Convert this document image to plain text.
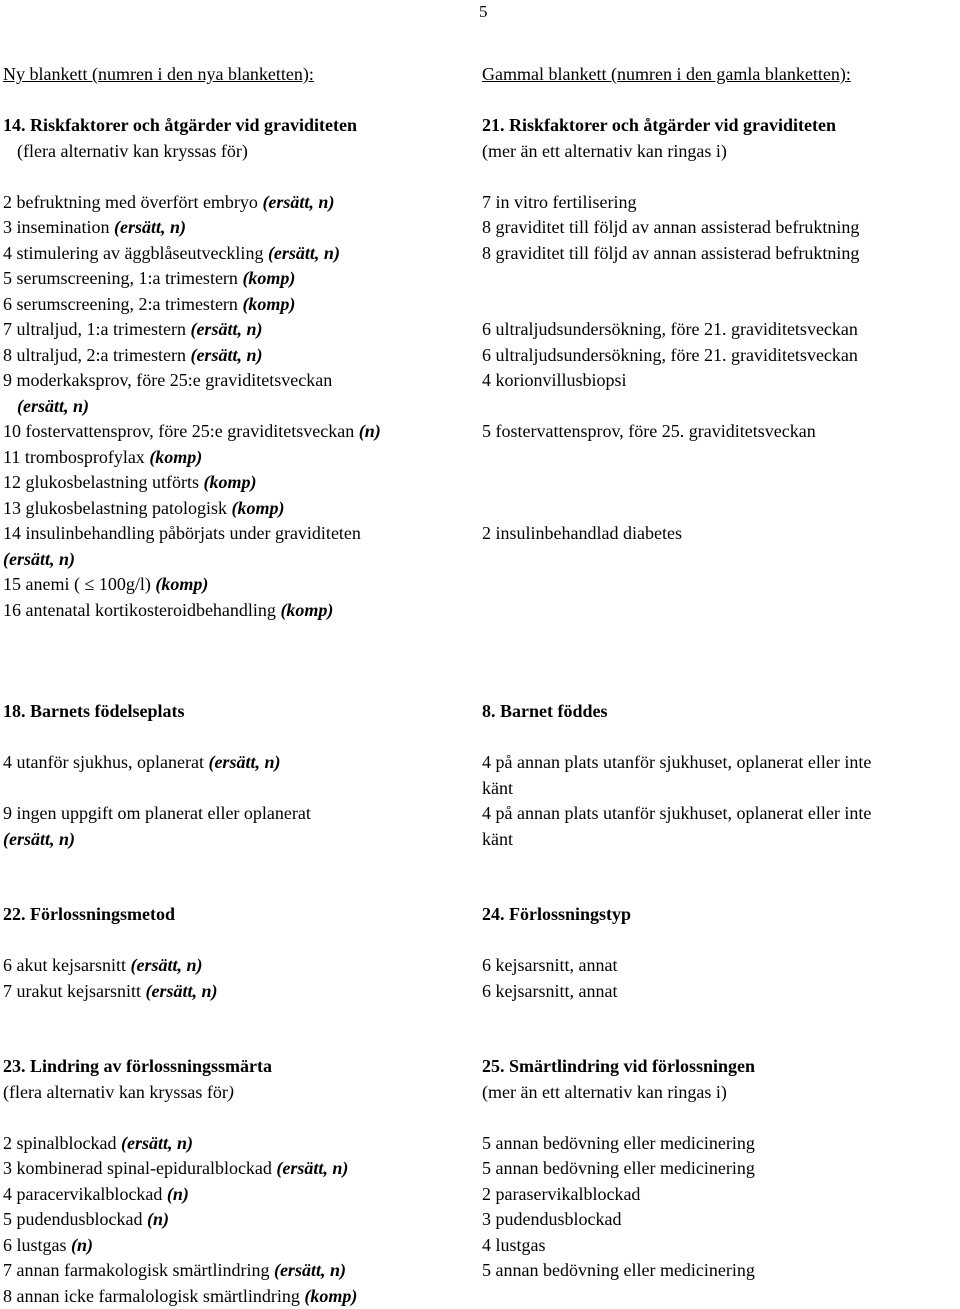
5
Ny blankett (numren i den nya blanketten):	Gammal blankett (numren i den gamla blanketten):
14. Riskfaktorer och åtgärder vid graviditeten	21. Riskfaktorer och åtgärder vid graviditeten
(flera alternativ kan kryssas för)	(mer än ett alternativ kan ringas i)
2 befruktning med överfört embryo (ersätt, n)	7 in vitro fertilisering
3 insemination (ersätt, n)	8 graviditet till följd av annan assisterad befruktning
4 stimulering av äggblåseutveckling (ersätt, n)	8 graviditet till följd av annan assisterad befruktning
5 serumscreening, 1:a trimestern (komp)
6 serumscreening, 2:a trimestern (komp)
7 ultraljud, 1:a trimestern (ersätt, n)	6 ultraljudsundersökning, före 21. graviditetsveckan
8 ultraljud, 2:a trimestern (ersätt, n)	6 ultraljudsundersökning, före 21. graviditetsveckan
9 moderkaksprov, före 25:e graviditetsveckan	4 korionvillusbiopsi
(ersätt, n)
10 fostervattensprov, före 25:e graviditetsveckan (n)	5 fostervattensprov, före 25. graviditetsveckan
11 trombosprofylax (komp)
12 glukosbelastning utförts (komp)
13 glukosbelastning patologisk (komp)
14 insulinbehandling påbörjats under graviditeten	2 insulinbehandlad diabetes
(ersätt, n)
15 anemi ( ≤ 100g/l) (komp)
16 antenatal kortikosteroidbehandling (komp)
18. Barnets födelseplats	8. Barnet föddes
4 utanför sjukhus, oplanerat (ersätt, n)	4 på annan plats utanför sjukhuset, oplanerat eller inte
känt
9 ingen uppgift om planerat eller oplanerat	4 på annan plats utanför sjukhuset, oplanerat eller inte
(ersätt, n)	känt
22. Förlossningsmetod	24. Förlossningstyp
6 akut kejsarsnitt (ersätt, n)	6 kejsarsnitt, annat
7 urakut kejsarsnitt (ersätt, n)	6 kejsarsnitt, annat
23. Lindring av förlossningssmärta	25. Smärtlindring vid förlossningen
(flera alternativ kan kryssas för)	(mer än ett alternativ kan ringas i)
2 spinalblockad (ersätt, n)	5 annan bedövning eller medicinering
3 kombinerad spinal-epiduralblockad (ersätt, n)	5 annan bedövning eller medicinering
4 paracervikalblockad (n)	2 paraservikalblockad
5 pudendusblockad (n)	3 pudendusblockad
6 lustgas (n)	4 lustgas
7 annan farmakologisk smärtlindring (ersätt, n)	5 annan bedövning eller medicinering
8 annan icke farmalologisk smärtlindring (komp)
